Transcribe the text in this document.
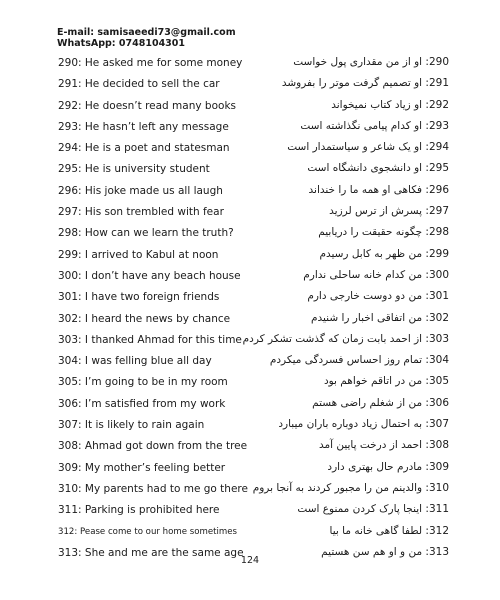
E-mail: samisaeedi73@gmail.com
WhatsApp: 0748104301
290: He asked me for some money	290: او از من مقداری پول خواست
291: He decided to sell the car	291: او تصمیم گرفت موتر را بفروشد
292: He doesn’t read many books	292: او زیاد کتاب نمیخواند
293: He hasn’t left any message	293: او کدام پیامی نگذاشته است
294: He is a poet and statesman	294: او یک شاعر و سیاستمدار است
295: He is university student	295: او دانشجوی دانشگاه است
296: His joke made us all laugh	296: فکاهی او همه ما را خنداند
297: His son trembled with fear	297: پسرش از ترس لرزید
298: How can we learn the truth?	298: چگونه حقیقت را دریابیم
299: I arrived to Kabul at noon	299: من ظهر به کابل رسیدم
300: I don’t have any beach house	300: من کدام خانه ساحلی ندارم
301: I have two foreign friends	301: من دو دوست خارجی دارم
302: I heard the news by chance	302: من اتفاقی اخبار را شنیدم
303: I thanked Ahmad for this time 303: از احمد بابت زمان که گذشت تشکر کردم
304: I was felling blue all day	304: تمام روز احساس فسردگی میکردم
305: I’m going to be in my room	305: من در اتاقم خواهم بود
306: I’m satisfied from my work	306: من از شغلم راضی هستم
307: It is likely to rain again	307: به احتمال زیاد دوباره باران میبارد
308: Ahmad got down from the tree	308: احمد از درخت پایین آمد
309: My mother’s feeling better	309: مادرم حال بهتری دارد
310: My parents had to me go there 310: والدینم من را مجبور کردند به آنجا بروم
311: Parking is prohibited here	311: اینجا پارک کردن ممنوع است
312: Pease come to our home sometimes	312: لطفا گاهی خانه ما بیا
313: She and me are the same age	313: من و او هم سن هستیم
124
